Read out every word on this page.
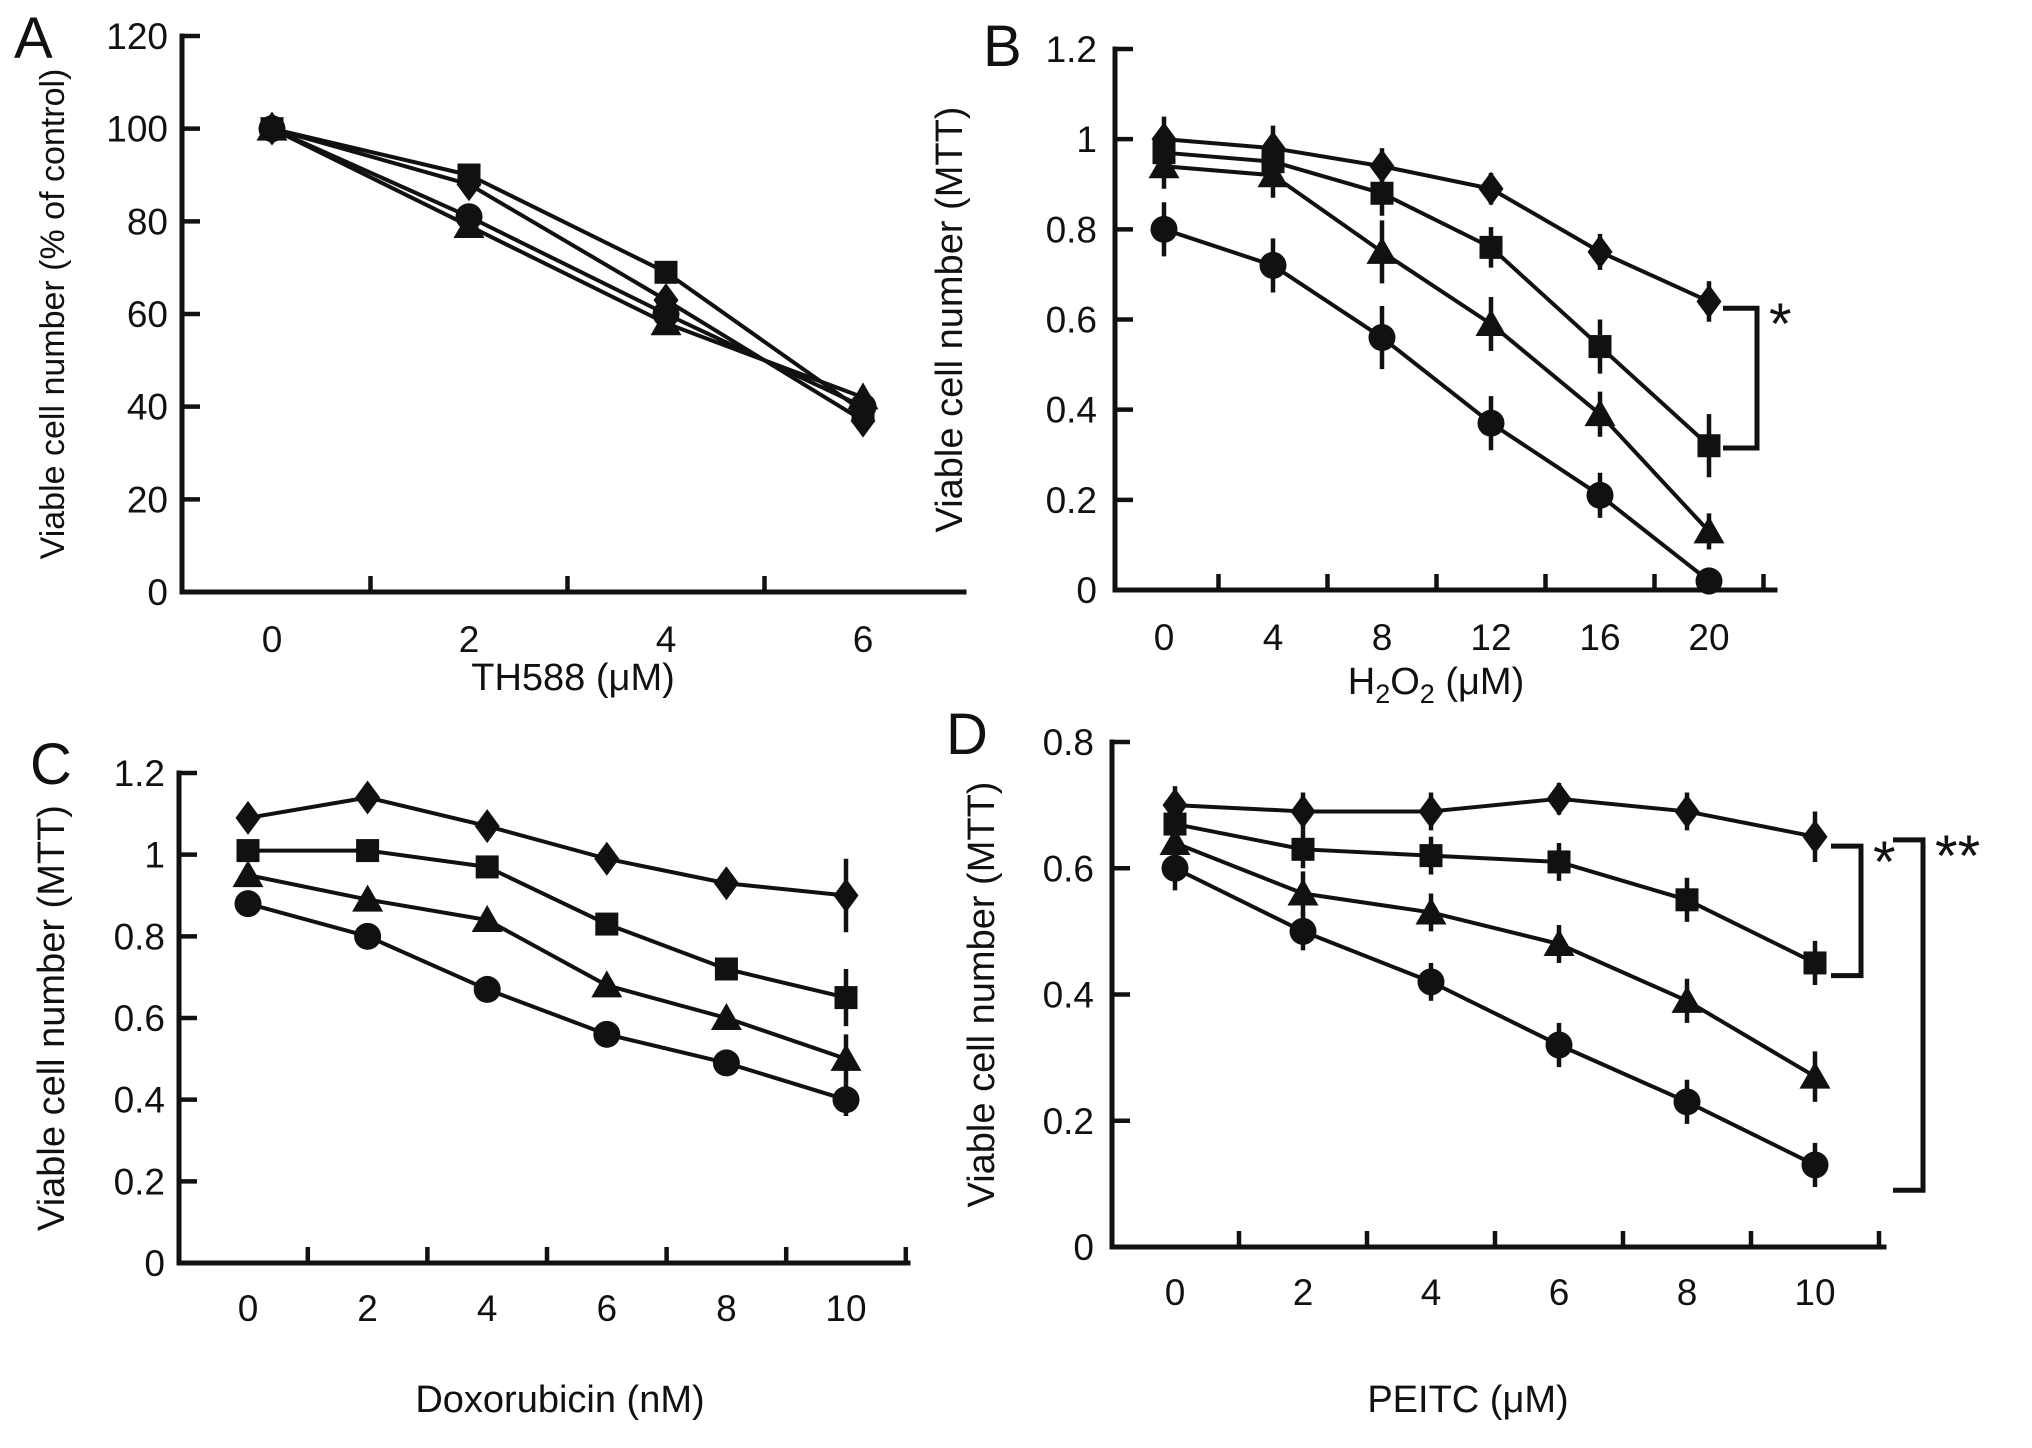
0
20
40
60
80
100
120
0	2	4	6
TH588 (μM)
Viable cell number (% of control)
A
0
0.2
0.4
0.6
0.8
1
1.2
0 4 8 12 16 20
$H_2O_2$ (μM)
Viable cell number (MTT)
B
*
0
0.2
0.4
0.6
0.8
1
1.2
0	2	4	6	8 10
Doxorubicin (nM)
Viable cell number (MTT)
C
0
0.2
0.4
0.6
0.8
0	2	4	6	8	10
PEITC (μM)
Viable cell number (MTT)
D
* **
